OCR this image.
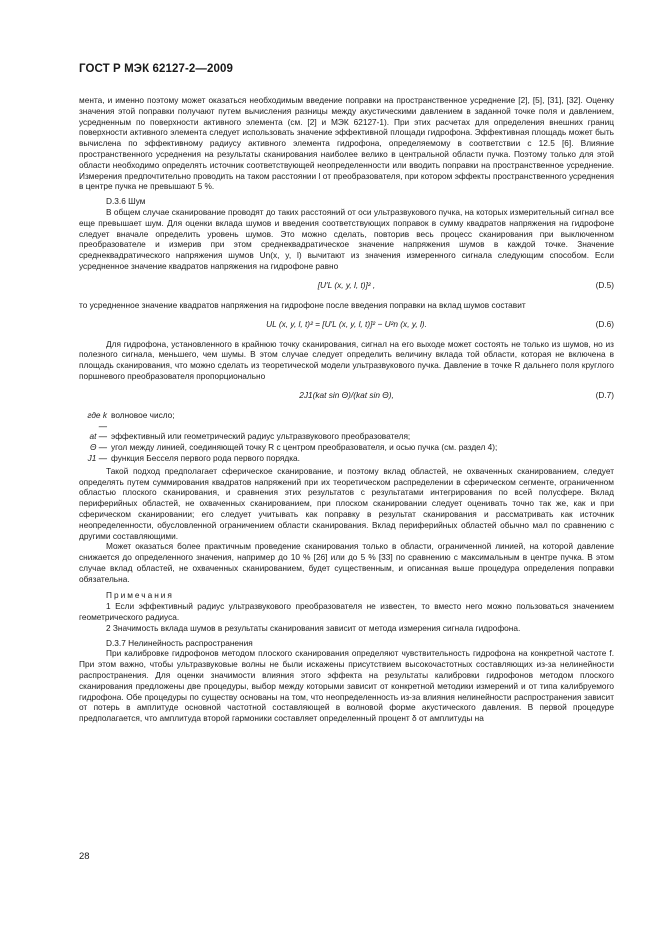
ГОСТ Р МЭК 62127-2—2009

мента, и именно поэтому может оказаться необходимым введение поправки на пространственное усреднение [2], [5], [31], [32]. Оценку значения этой поправки получают путем вычисления разницы между акустическими давлением в заданной точке поля и давлением, усредненным по поверхности активного элемента (см. [2] и МЭК 62127-1). При этих расчетах для определения внешних границ поверхности активного элемента следует использовать значение эффективной площади гидрофона. Эффективная площадь может быть вычислена по эффективному радиусу активного элемента гидрофона, определяемому в соответствии с 12.5 [6]. Влияние пространственного усреднения на результаты сканирования наиболее велико в центральной области пучка. Поэтому только для этой области необходимо определять источник соответствующей неопределенности или вводить поправки на пространственное усреднение. Измерения предпочтительно проводить на таком расстоянии l от преобразователя, при котором эффекты пространственного усреднения в центре пучка не превышают 5 %.

D.3.6 Шум

В общем случае сканирование проводят до таких расстояний от оси ультразвукового пучка, на которых измерительный сигнал все еще превышает шум. Для оценки вклада шумов и введения соответствующих поправок в сумму квадратов напряжения на гидрофоне следует вначале определить уровень шумов. Это можно сделать, повторив весь процесс сканирования при выключенном преобразователе и измерив при этом среднеквадратическое значение напряжения шумов в каждой точке. Значение среднеквадратического напряжения шумов Un(x, y, l) вычитают из значения измеренного сигнала следующим способом. Если усредненное значение квадратов напряжения на гидрофоне равно

[U′L (x, y, l, t)]² ,	(D.5)

то усредненное значение квадратов напряжения на гидрофоне после введения поправки на вклад шумов составит

UL (x, y, l, t)² = [U′L (x, y, l, t)]² − U²n (x, y, l).	(D.6)

Для гидрофона, установленного в крайнюю точку сканирования, сигнал на его выходе может состоять не только из шумов, но из полезного сигнала, меньшего, чем шумы. В этом случае следует определить величину вклада той области, которая не включена в площадь сканирования, что можно сделать из теоретической модели ультразвукового пучка. Давление в точке R дальнего поля круглого поршневого преобразователя пропорционально

2J1(kat sin Θ)/(kat sin Θ),	(D.7)
где k —
волновое число;
at — эффективный или геометрический радиус ультразвукового преобразователя;
Θ — угол между линией, соединяющей точку R с центром преобразователя, и осью пучка (см. раздел 4);
J1 — функция Бесселя первого рода первого порядка.

Такой подход предполагает сферическое сканирование, и поэтому вклад областей, не охваченных сканированием, следует определять путем суммирования квадратов напряжений при их теоретическом распределении в сферическом сегменте, ограниченном областью плоского сканирования, и сравнения этих результатов с результатами интегрирования по всей полусфере. Вклад периферийных областей, не охваченных сканированием, при плоском сканировании следует оценивать точно так же, как и при сферическом сканировании; его следует учитывать как поправку в результат сканирования и рассматривать как источник неопределенности, обусловленной ограничением области сканирования. Вклад периферийных областей обычно мал по сравнению с другими составляющими.

Может оказаться более практичным проведение сканирования только в области, ограниченной линией, на которой давление снижается до определенного значения, например до 10 % [26] или до 5 % [33] по сравнению с максимальным в центре пучка. В этом случае вклад областей, не охваченных сканированием, будет существенным, и описанная выше процедура определения поправки обязательна.

Примечания

1 Если эффективный радиус ультразвукового преобразователя не известен, то вместо него можно пользоваться значением геометрического радиуса.

2 Значимость вклада шумов в результаты сканирования зависит от метода измерения сигнала гидрофона.

D.3.7 Нелинейность распространения

При калибровке гидрофонов методом плоского сканирования определяют чувствительность гидрофона на конкретной частоте f. При этом важно, чтобы ультразвуковые волны не были искажены присутствием высокочастотных составляющих из-за нелинейности распространения. Для оценки значимости влияния этого эффекта на результаты калибровки гидрофонов методом плоского сканирования предложены две процедуры, выбор между которыми зависит от конкретной методики измерений и от типа калибруемого гидрофона. Обе процедуры по существу основаны на том, что неопределенность из-за влияния нелинейности распространения зависит от потерь в амплитуде основной частотной составляющей в волновой форме акустического давления. В первой процедуре предполагается, что амплитуда второй гармоники составляет определенный процент δ от амплитуды на

28
